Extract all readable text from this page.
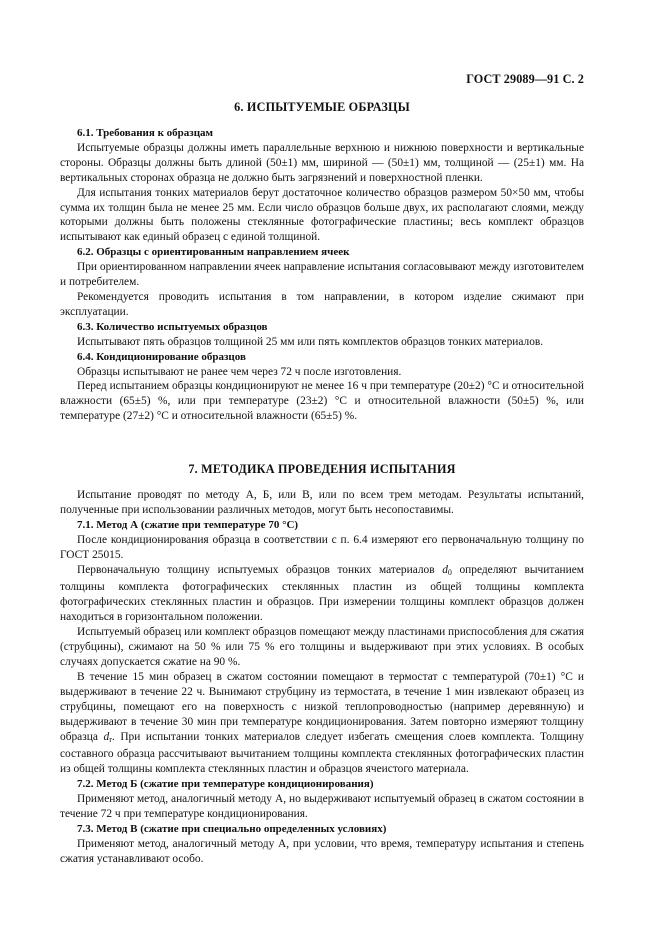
ГОСТ 29089—91 С. 2
6. ИСПЫТУЕМЫЕ ОБРАЗЦЫ
6.1. Требования к образцам

Испытуемые образцы должны иметь параллельные верхнюю и нижнюю поверхности и вертикальные стороны. Образцы должны быть длиной (50±1) мм, шириной — (50±1) мм, толщиной — (25±1) мм. На вертикальных сторонах образца не должно быть загрязнений и поверхностной пленки.

Для испытания тонких материалов берут достаточное количество образцов размером 50×50 мм, чтобы сумма их толщин была не менее 25 мм. Если число образцов больше двух, их располагают слоями, между которыми должны быть положены стеклянные фотографические пластины; весь комплект образцов испытывают как единый образец с единой толщиной.

6.2. Образцы с ориентированным направлением ячеек

При ориентированном направлении ячеек направление испытания согласовывают между изготовителем и потребителем.

Рекомендуется проводить испытания в том направлении, в котором изделие сжимают при эксплуатации.

6.3. Количество испытуемых образцов

Испытывают пять образцов толщиной 25 мм или пять комплектов образцов тонких материалов.

6.4. Кондиционирование образцов

Образцы испытывают не ранее чем через 72 ч после изготовления.

Перед испытанием образцы кондиционируют не менее 16 ч при температуре (20±2) °С и относительной влажности (65±5) %, или при температуре (23±2) °С и относительной влажности (50±5) %, или температуре (27±2) °С и относительной влажности (65±5) %.

7. МЕТОДИКА ПРОВЕДЕНИЯ ИСПЫТАНИЯ

Испытание проводят по методу А, Б, или В, или по всем трем методам. Результаты испытаний, полученные при использовании различных методов, могут быть несопоставимы.

7.1. Метод А (сжатие при температуре 70 °С)

После кондиционирования образца в соответствии с п. 6.4 измеряют его первоначальную толщину по ГОСТ 25015.

Первоначальную толщину испытуемых образцов тонких материалов $d_0$ определяют вычитанием толщины комплекта фотографических стеклянных пластин из общей толщины комплекта фотографических стеклянных пластин и образцов. При измерении толщины комплект образцов должен находиться в горизонтальном положении.

Испытуемый образец или комплект образцов помещают между пластинами приспособления для сжатия (струбцины), сжимают на 50 % или 75 % его толщины и выдерживают при этих условиях. В особых случаях допускается сжатие на 90 %.

В течение 15 мин образец в сжатом состоянии помещают в термостат с температурой (70±1) °С и выдерживают в течение 22 ч. Вынимают струбцину из термостата, в течение 1 мин извлекают образец из струбцины, помещают его на поверхность с низкой теплопроводностью (например деревянную) и выдерживают в течение 30 мин при температуре кондиционирования. Затем повторно измеряют толщину образца $d_r$. При испытании тонких материалов следует избегать смещения слоев комплекта. Толщину составного образца рассчитывают вычитанием толщины комплекта стеклянных фотографических пластин из общей толщины комплекта стеклянных пластин и образцов ячеистого материала.

7.2. Метод Б (сжатие при температуре кондиционирования)

Применяют метод, аналогичный методу А, но выдерживают испытуемый образец в сжатом состоянии в течение 72 ч при температуре кондиционирования.

7.3. Метод В (сжатие при специально определенных условиях)

Применяют метод, аналогичный методу А, при условии, что время, температуру испытания и степень сжатия устанавливают особо.
